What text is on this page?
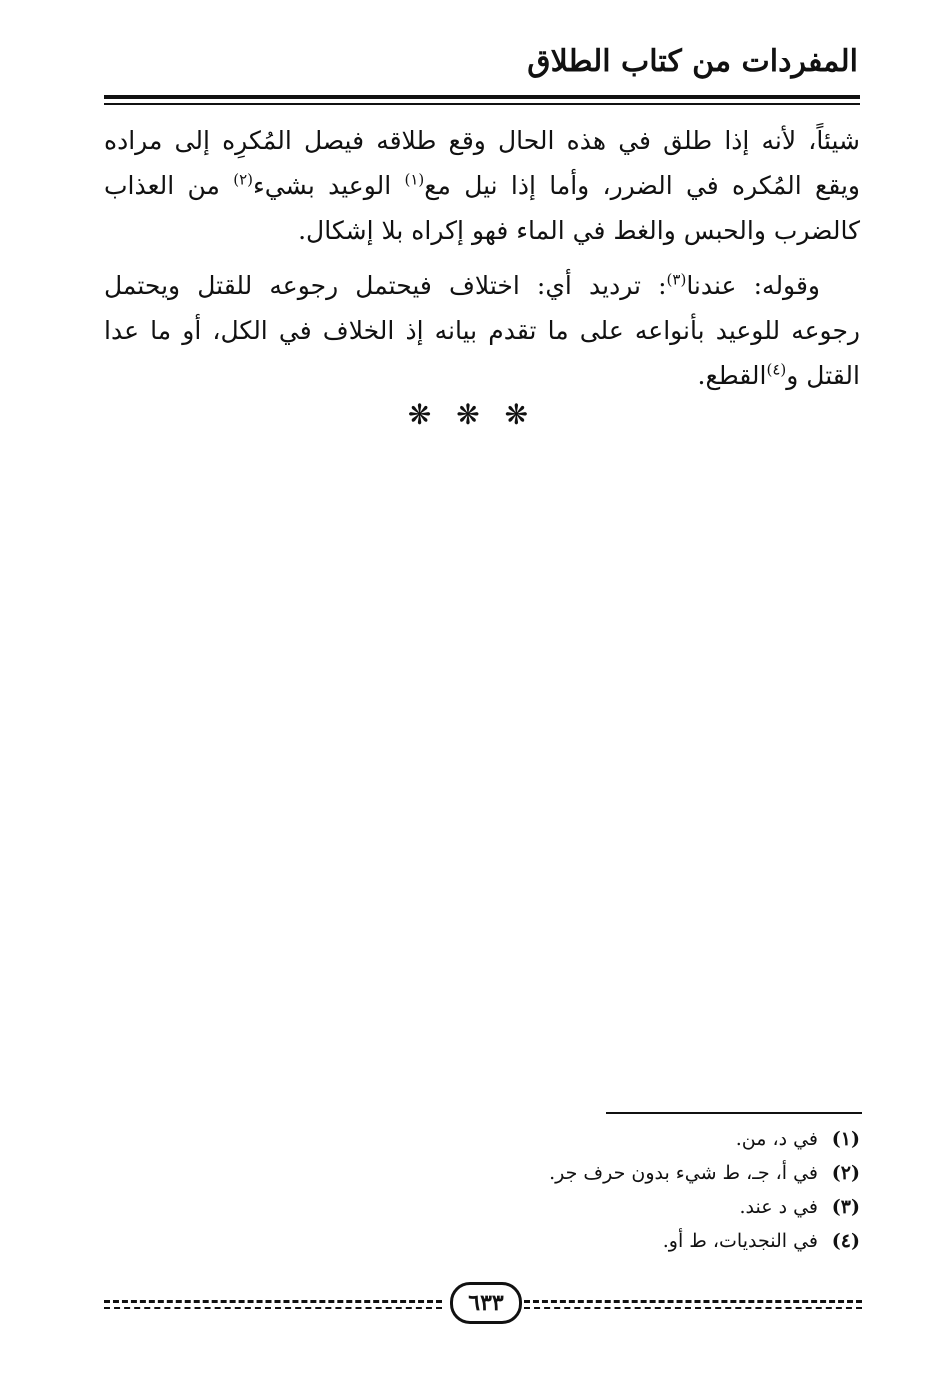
المفردات من كتاب الطلاق

شيئاً، لأنه إذا طلق في هذه الحال وقع طلاقه فيصل المُكرِه إلى مراده ويقع المُكره في الضرر، وأما إذا نيل مع$^{(١)}$ الوعيد بشيء$^{(٢)}$ من العذاب كالضرب والحبس والغط في الماء فهو إكراه بلا إشكال.

وقوله: عندنا$^{(٣)}$: ترديد أي: اختلاف فيحتمل رجوعه للقتل ويحتمل رجوعه للوعيد بأنواعه على ما تقدم بيانه إذ الخلاف في الكل، أو ما عدا القتل و$^{(٤)}$القطع.

❋ ❋ ❋
(١)في د، من.
(٢)في أ، جـ، ط شيء بدون حرف جر.
(٣)في د عند.
(٤)في النجديات، ط أو.
٦٣٣
